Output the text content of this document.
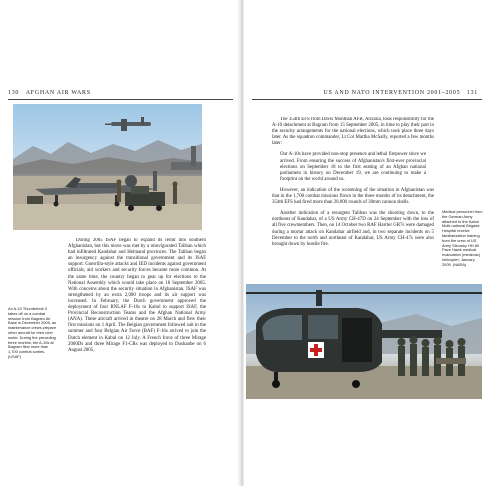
130 AFGHAN AIR WARS
An A-10 Thunderbolt II takes off on a combat mission from Bagram Air Base in December 2005, as maintenance crews prepare other aircraft for their next sortie. During the preceding three months, the A-10s at Bagram flew more than 1,700 combat sorties. (USAF)

During 2005 ISAF began to expand its remit into southern Afghanistan, but this move was met by a reinvigorated Taliban which had infiltrated Kandahar and Helmand provinces. The Taliban began an insurgency against the transitional government and its ISAF support. Guerrilla-style attacks and IED incidents against government officials, aid workers and security forces became more common. At the same time, the country began to gear up for elections to the National Assembly which would take place on 18 September 2005. With concerns about the security situation in Afghanistan, ISAF was strengthened by an extra 2,000 troops and its air support was increased. In February, the Dutch government approved the deployment of four RNLAF F-16s to Kabul to support ISAF, the Provincial Reconstruction Teams and the Afghan National Army (ANA). These aircraft arrived in theatre on 28 March and flew their first missions on 1 April. The Belgian government followed suit in the summer and four Belgian Air Force (BAF) F-16s arrived to join the Dutch element in Kabul on 12 July. A French force of three Mirage 2000Ds and three Mirage F1-CRs was deployed to Dushanbe on 6 August 2005.

US AND NATO INTERVENTION 2001–2005 131

The 354th EFS from Davis Monthan AFB, Arizona, took responsibility for the A-10 detachment at Bagram from 15 September 2005, in time to play their part in the security arrangements for the national elections, which took place three days later. As the squadron commander, Lt Col Martha McSally, reported a few months later:

Our A-10s have provided non-stop presence and lethal firepower since we arrived. From ensuring the success of Afghanistan's first-ever provincial elections on September 18 to the first seating of an Afghan national parliament in history on December 19, we are continuing to make a footprint on the world around us.

However, an indication of the worsening of the situation in Afghanistan was that in the 1,700 combat missions flown in the three months of its detachment, the 354th EFS had fired more than 20,000 rounds of 30mm cannon shells.

Another indication of a resurgent Taliban was the shooting down, to the northeast of Kandahar, of a US Army CH-47D on 24 September with the loss of all five crewmembers. Then, on 14 October two RAF Harrier GR7s were damaged during a mortar attack on Kandahar airfield and, in two separate incidents on 5 December to the north and northeast of Kandahar, US Army CH-47s were also brought down by hostile fire.

Medical personnel from the German Army attached to the Kabul Multi-national Brigade Hospital receive familiarization training from the crew of US Army Sikorsky HH-60 Pave Hawk medical evacuation (medevac) helicopter, January 2005. (NARA)
